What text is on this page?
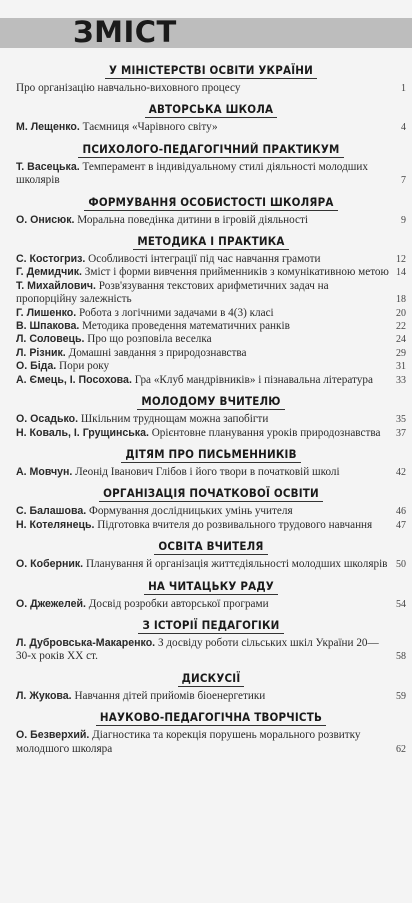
ЗМІСТ
У МІНІСТЕРСТВІ ОСВІТИ УКРАЇНИ
Про організацію навчально-виховного процесу	1
АВТОРСЬКА ШКОЛА
М. Лещенко. Таємниця «Чарівного світу»	4
ПСИХОЛОГО-ПЕДАГОГІЧНИЙ ПРАКТИКУМ
Т. Васецька. Темперамент в індивідуальному стилі діяльності молодших школярів	7
ФОРМУВАННЯ ОСОБИСТОСТІ ШКОЛЯРА
О. Онисюк. Моральна поведінка дитини в ігровій діяльності	9
МЕТОДИКА І ПРАКТИКА
С. Костогриз. Особливості інтеграції під час навчання грамоти	12
Г. Демидчик. Зміст і форми вивчення прийменників з комунікативною метою 14
Т. Михайлович. Розв'язування текстових арифметичних задач на пропорційну залежність	18
Г. Лишенко. Робота з логічними задачами в 4(3) класі	20
В. Шпакова. Методика проведення математичних ранків	22
Л. Соловець. Про що розповіла веселка	24
Л. Різник. Домашні завдання з природознавства	29
О. Біда. Пори року	31
А. Ємець, І. Посохова. Гра «Клуб мандрівників» і пізнавальна література 33
МОЛОДОМУ ВЧИТЕЛЮ
О. Осадько. Шкільним труднощам можна запобігти	35
Н. Коваль, І. Грущинська. Орієнтовне планування уроків природознавства 37
ДІТЯМ ПРО ПИСЬМЕННИКІВ
А. Мовчун. Леонід Іванович Глібов і його твори в початковій школі	42
ОРГАНІЗАЦІЯ ПОЧАТКОВОЇ ОСВІТИ
С. Балашова. Формування дослідницьких умінь учителя	46
Н. Котелянець. Підготовка вчителя до розвивального трудового навчання 47
ОСВІТА ВЧИТЕЛЯ
О. Коберник. Планування й організація життєдіяльності молодших школярів 50
НА ЧИТАЦЬКУ РАДУ
О. Джежелей. Досвід розробки авторської програми	54
З ІСТОРІЇ ПЕДАГОГІКИ
Л. Дубровська-Макаренко. З досвіду роботи сільських шкіл України 20—30-х років XX ст.	58
ДИСКУСІЇ
Л. Жукова. Навчання дітей прийомів біоенергетики	59
НАУКОВО-ПЕДАГОГІЧНА ТВОРЧІСТЬ
О. Безверхий. Діагностика та корекція порушень морального розвитку молодшого школяра	62
